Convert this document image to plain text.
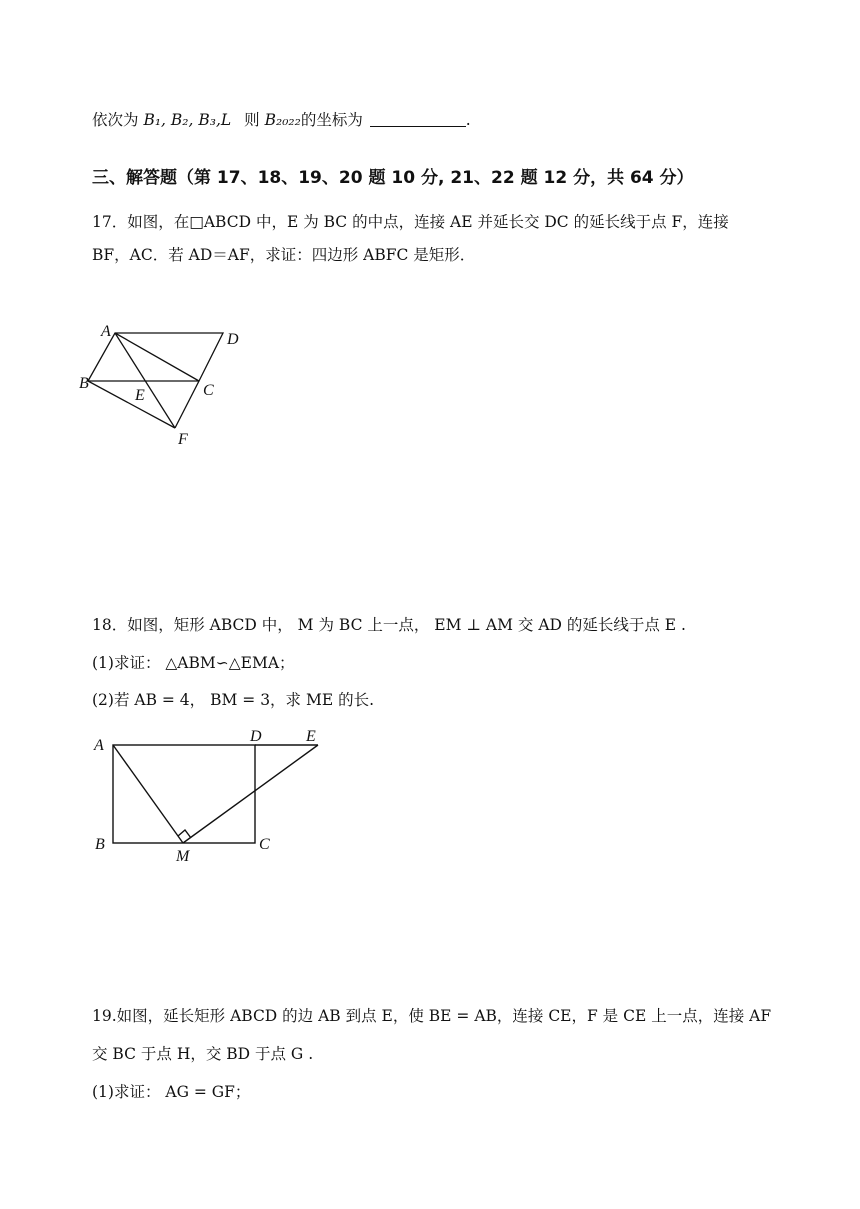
依次为 B₁, B₂, B₃,L 则 B₂₀₂₂的坐标为	.
三、解答题（第 17、18、19、20 题 10 分, 21、22 题 12 分，共 64 分）
17．如图，在□ABCD 中，E 为 BC 的中点，连接 AE 并延长交 DC 的延长线于点 F，连接
BF，AC．若 AD＝AF，求证：四边形 ABFC 是矩形．
A	D
B	C
E
F
18．如图，矩形 ABCD 中， M 为 BC 上一点， EM ⊥ AM 交 AD 的延长线于点 E .
(1)求证： △ABM∽△EMA；
(2)若 AB = 4， BM = 3，求 ME 的长.
A
D	E
B
M
C
19.如图，延长矩形 ABCD 的边 AB 到点 E，使 BE = AB，连接 CE，F 是 CE 上一点，连接 AF
交 BC 于点 H，交 BD 于点 G .
(1)求证： AG = GF；
